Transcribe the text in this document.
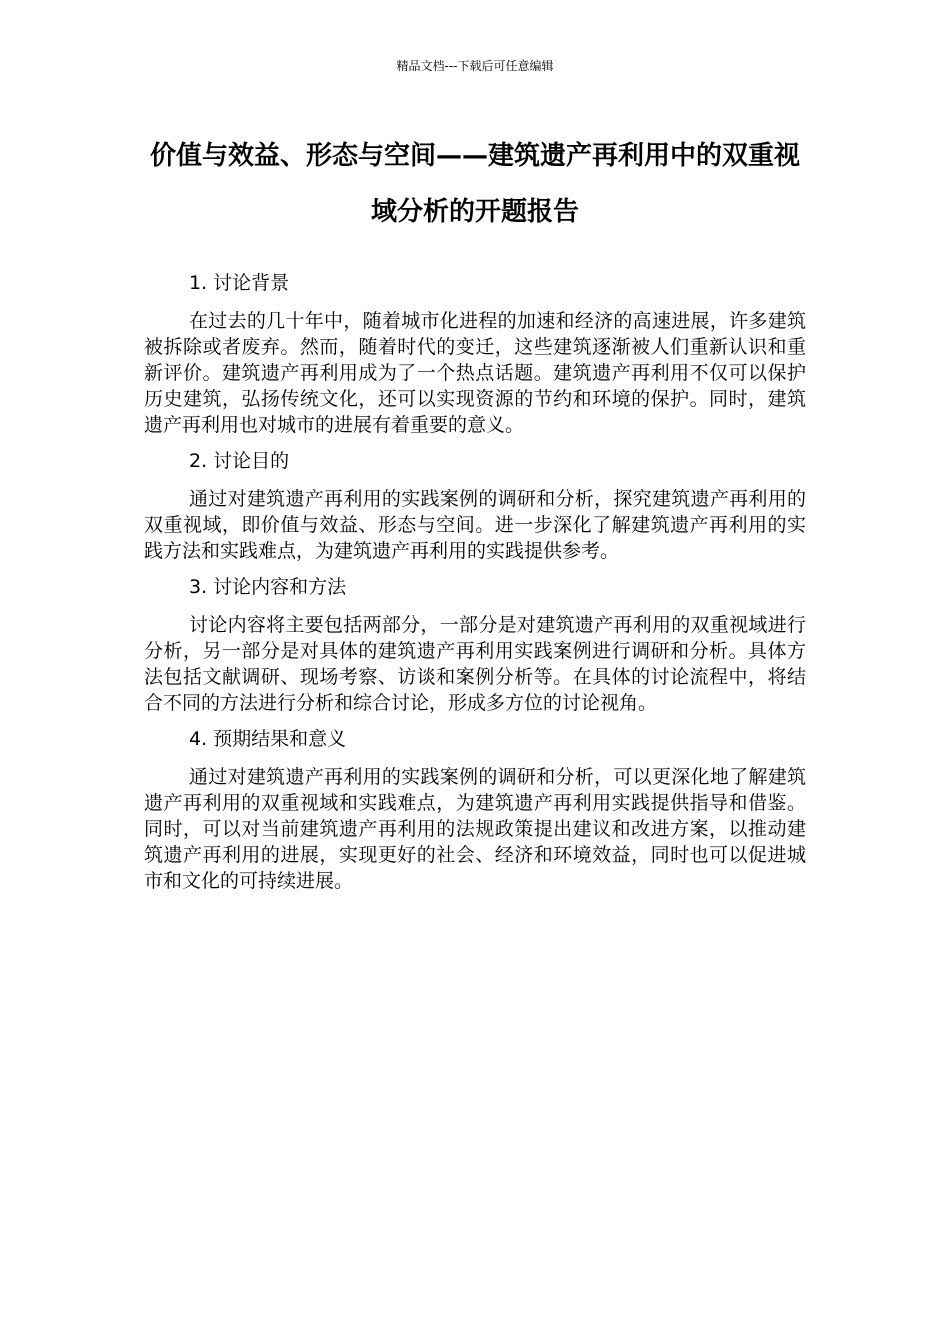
精品文档---下载后可任意编辑
价值与效益、形态与空间——建筑遗产再利用中的双重视域分析的开题报告
1. 讨论背景

在过去的几十年中，随着城市化进程的加速和经济的高速进展，许多建筑被拆除或者废弃。然而，随着时代的变迁，这些建筑逐渐被人们重新认识和重新评价。建筑遗产再利用成为了一个热点话题。建筑遗产再利用不仅可以保护历史建筑，弘扬传统文化，还可以实现资源的节约和环境的保护。同时，建筑遗产再利用也对城市的进展有着重要的意义。

2. 讨论目的

通过对建筑遗产再利用的实践案例的调研和分析，探究建筑遗产再利用的双重视域，即价值与效益、形态与空间。进一步深化了解建筑遗产再利用的实践方法和实践难点，为建筑遗产再利用的实践提供参考。

3. 讨论内容和方法

讨论内容将主要包括两部分，一部分是对建筑遗产再利用的双重视域进行分析，另一部分是对具体的建筑遗产再利用实践案例进行调研和分析。具体方法包括文献调研、现场考察、访谈和案例分析等。在具体的讨论流程中，将结合不同的方法进行分析和综合讨论，形成多方位的讨论视角。

4. 预期结果和意义

通过对建筑遗产再利用的实践案例的调研和分析，可以更深化地了解建筑遗产再利用的双重视域和实践难点，为建筑遗产再利用实践提供指导和借鉴。同时，可以对当前建筑遗产再利用的法规政策提出建议和改进方案，以推动建筑遗产再利用的进展，实现更好的社会、经济和环境效益，同时也可以促进城市和文化的可持续进展。
